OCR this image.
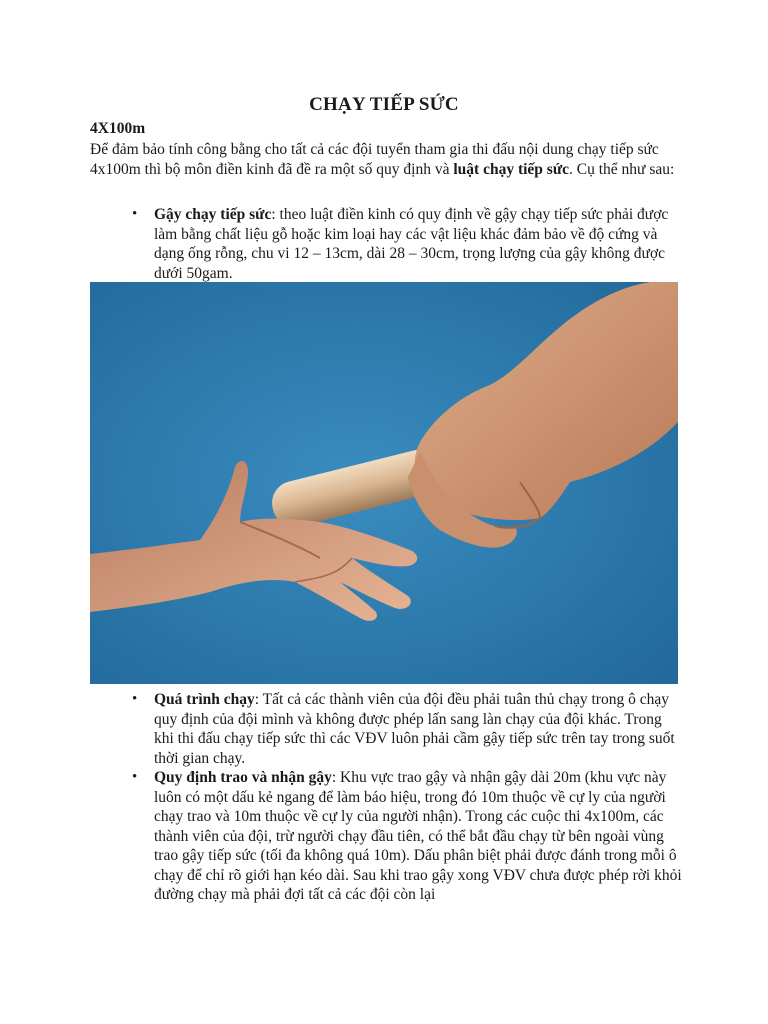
CHẠY TIẾP SỨC
4X100m
Để đảm bảo tính công bằng cho tất cả các đội tuyển tham gia thi đấu nội dung chạy tiếp sức 4x100m thì bộ môn điền kinh đã đề ra một số quy định và luật chạy tiếp sức. Cụ thể như sau:
• Gậy chạy tiếp sức: theo luật điền kinh có quy định về gậy chạy tiếp sức phải được làm bằng chất liệu gỗ hoặc kim loại hay các vật liệu khác đảm bảo về độ cứng và dạng ống rỗng, chu vi 12 – 13cm, dài 28 – 30cm, trọng lượng của gậy không được dưới 50gam.
• Quá trình chạy: Tất cả các thành viên của đội đều phải tuân thủ chạy trong ô chạy quy định của đội mình và không được phép lấn sang làn chạy của đội khác. Trong khi thi đấu chạy tiếp sức thì các VĐV luôn phải cầm gậy tiếp sức trên tay trong suốt thời gian chạy.
• Quy định trao và nhận gậy: Khu vực trao gậy và nhận gậy dài 20m (khu vực này luôn có một dấu kẻ ngang để làm báo hiệu, trong đó 10m thuộc về cự ly của người chạy trao và 10m thuộc về cự ly của người nhận). Trong các cuộc thi 4x100m, các thành viên của đội, trừ người chạy đầu tiên, có thể bắt đầu chạy từ bên ngoài vùng trao gậy tiếp sức (tối đa không quá 10m). Dấu phân biệt phải được đánh trong mỗi ô chạy để chỉ rõ giới hạn kéo dài. Sau khi trao gậy xong VĐV chưa được phép rời khỏi đường chạy mà phải đợi tất cả các đội còn lại
